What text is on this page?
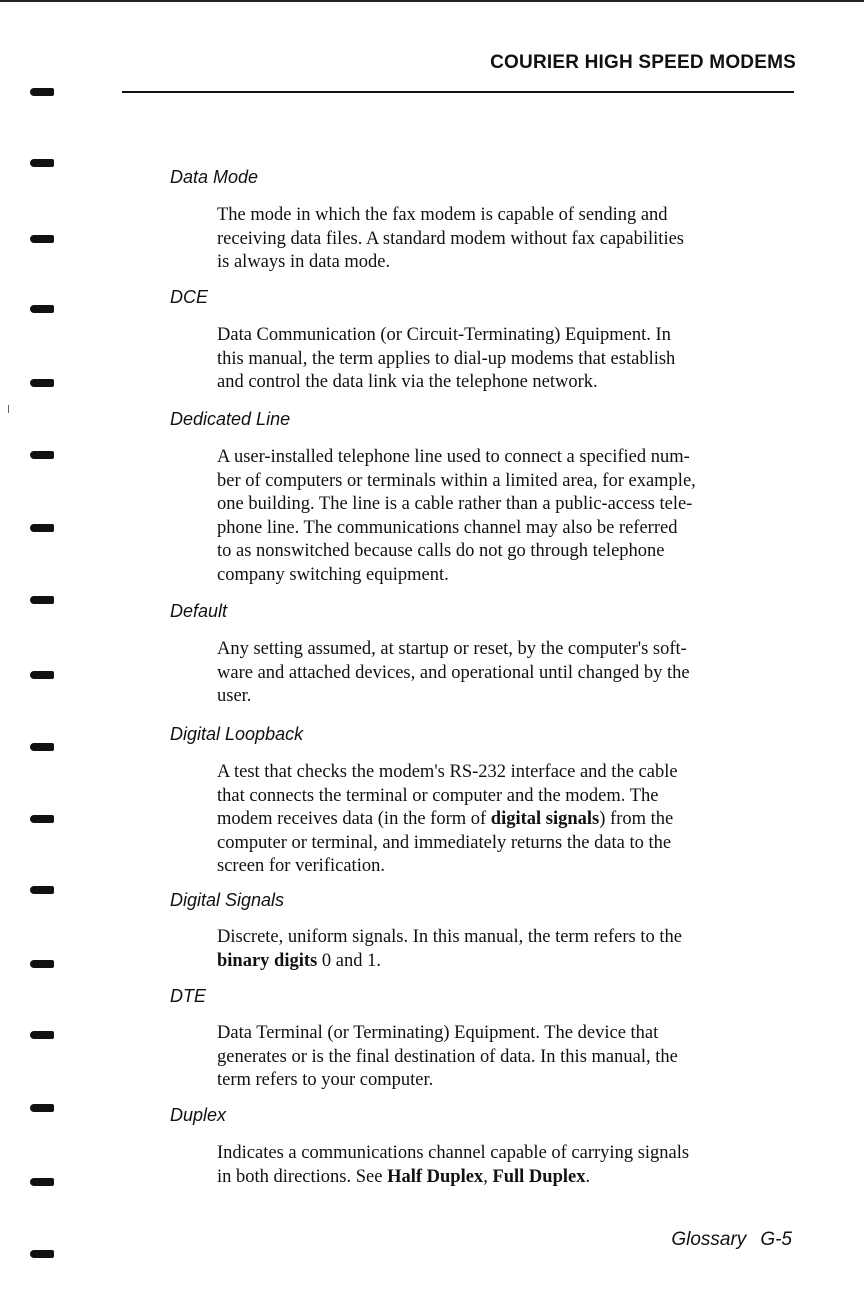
COURIER HIGH SPEED MODEMS
Data Mode
The mode in which the fax modem is capable of sending and
receiving data files. A standard modem without fax capabilities
is always in data mode.
DCE
Data Communication (or Circuit-Terminating) Equipment. In
this manual, the term applies to dial-up modems that establish
and control the data link via the telephone network.
Dedicated Line
A user-installed telephone line used to connect a specified num-
ber of computers or terminals within a limited area, for example,
one building. The line is a cable rather than a public-access tele-
phone line. The communications channel may also be referred
to as nonswitched because calls do not go through telephone
company switching equipment.
Default
Any setting assumed, at startup or reset, by the computer's soft-
ware and attached devices, and operational until changed by the
user.
Digital Loopback
A test that checks the modem's RS-232 interface and the cable
that connects the terminal or computer and the modem. The
modem receives data (in the form of digital signals) from the
computer or terminal, and immediately returns the data to the
screen for verification.
Digital Signals
Discrete, uniform signals. In this manual, the term refers to the
binary digits 0 and 1.
DTE
Data Terminal (or Terminating) Equipment. The device that
generates or is the final destination of data. In this manual, the
term refers to your computer.
Duplex
Indicates a communications channel capable of carrying signals
in both directions. See Half Duplex, Full Duplex.
Glossary G-5
